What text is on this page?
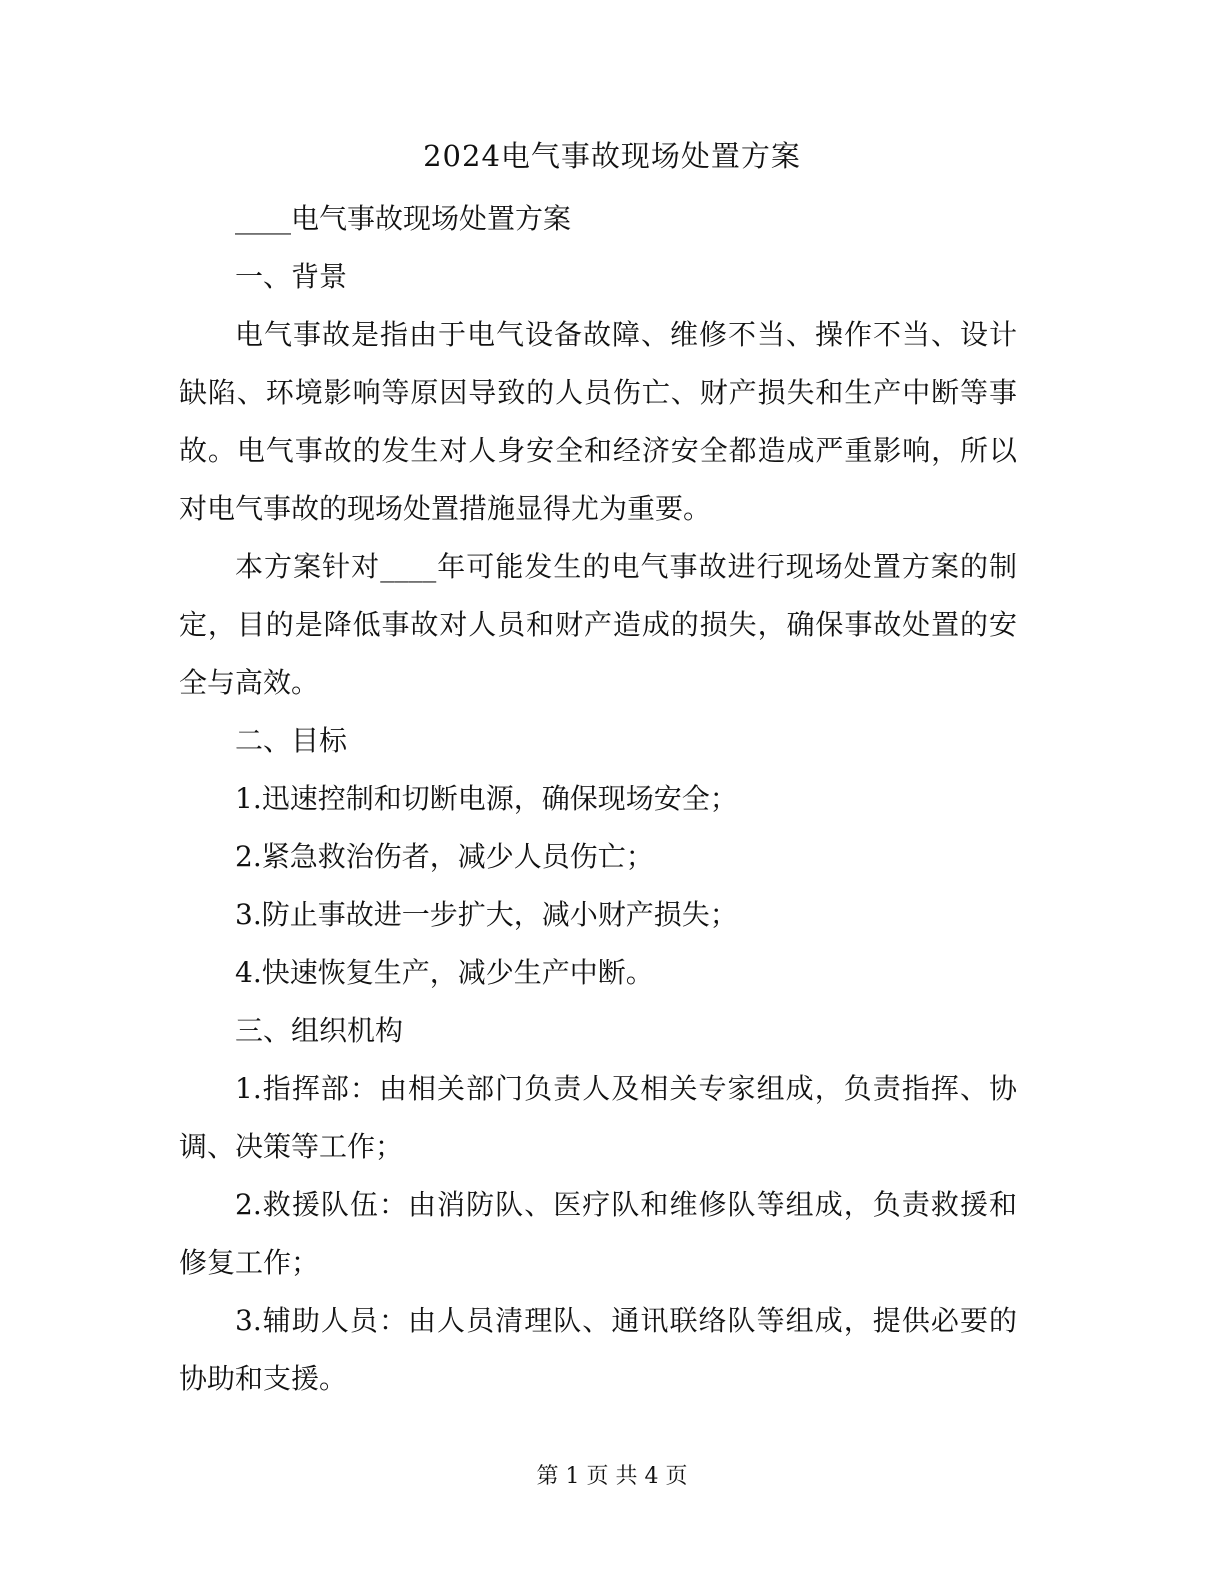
2024电气事故现场处置方案

____电气事故现场处置方案

一、背景

电气事故是指由于电气设备故障、维修不当、操作不当、设计缺陷、环境影响等原因导致的人员伤亡、财产损失和生产中断等事故。电气事故的发生对人身安全和经济安全都造成严重影响，所以对电气事故的现场处置措施显得尤为重要。

本方案针对____年可能发生的电气事故进行现场处置方案的制定，目的是降低事故对人员和财产造成的损失，确保事故处置的安全与高效。

二、目标

1.迅速控制和切断电源，确保现场安全；

2.紧急救治伤者，减少人员伤亡；

3.防止事故进一步扩大，减小财产损失；

4.快速恢复生产，减少生产中断。

三、组织机构

1.指挥部：由相关部门负责人及相关专家组成，负责指挥、协调、决策等工作；

2.救援队伍：由消防队、医疗队和维修队等组成，负责救援和修复工作；

3.辅助人员：由人员清理队、通讯联络队等组成，提供必要的协助和支援。

第 1 页 共 4 页
